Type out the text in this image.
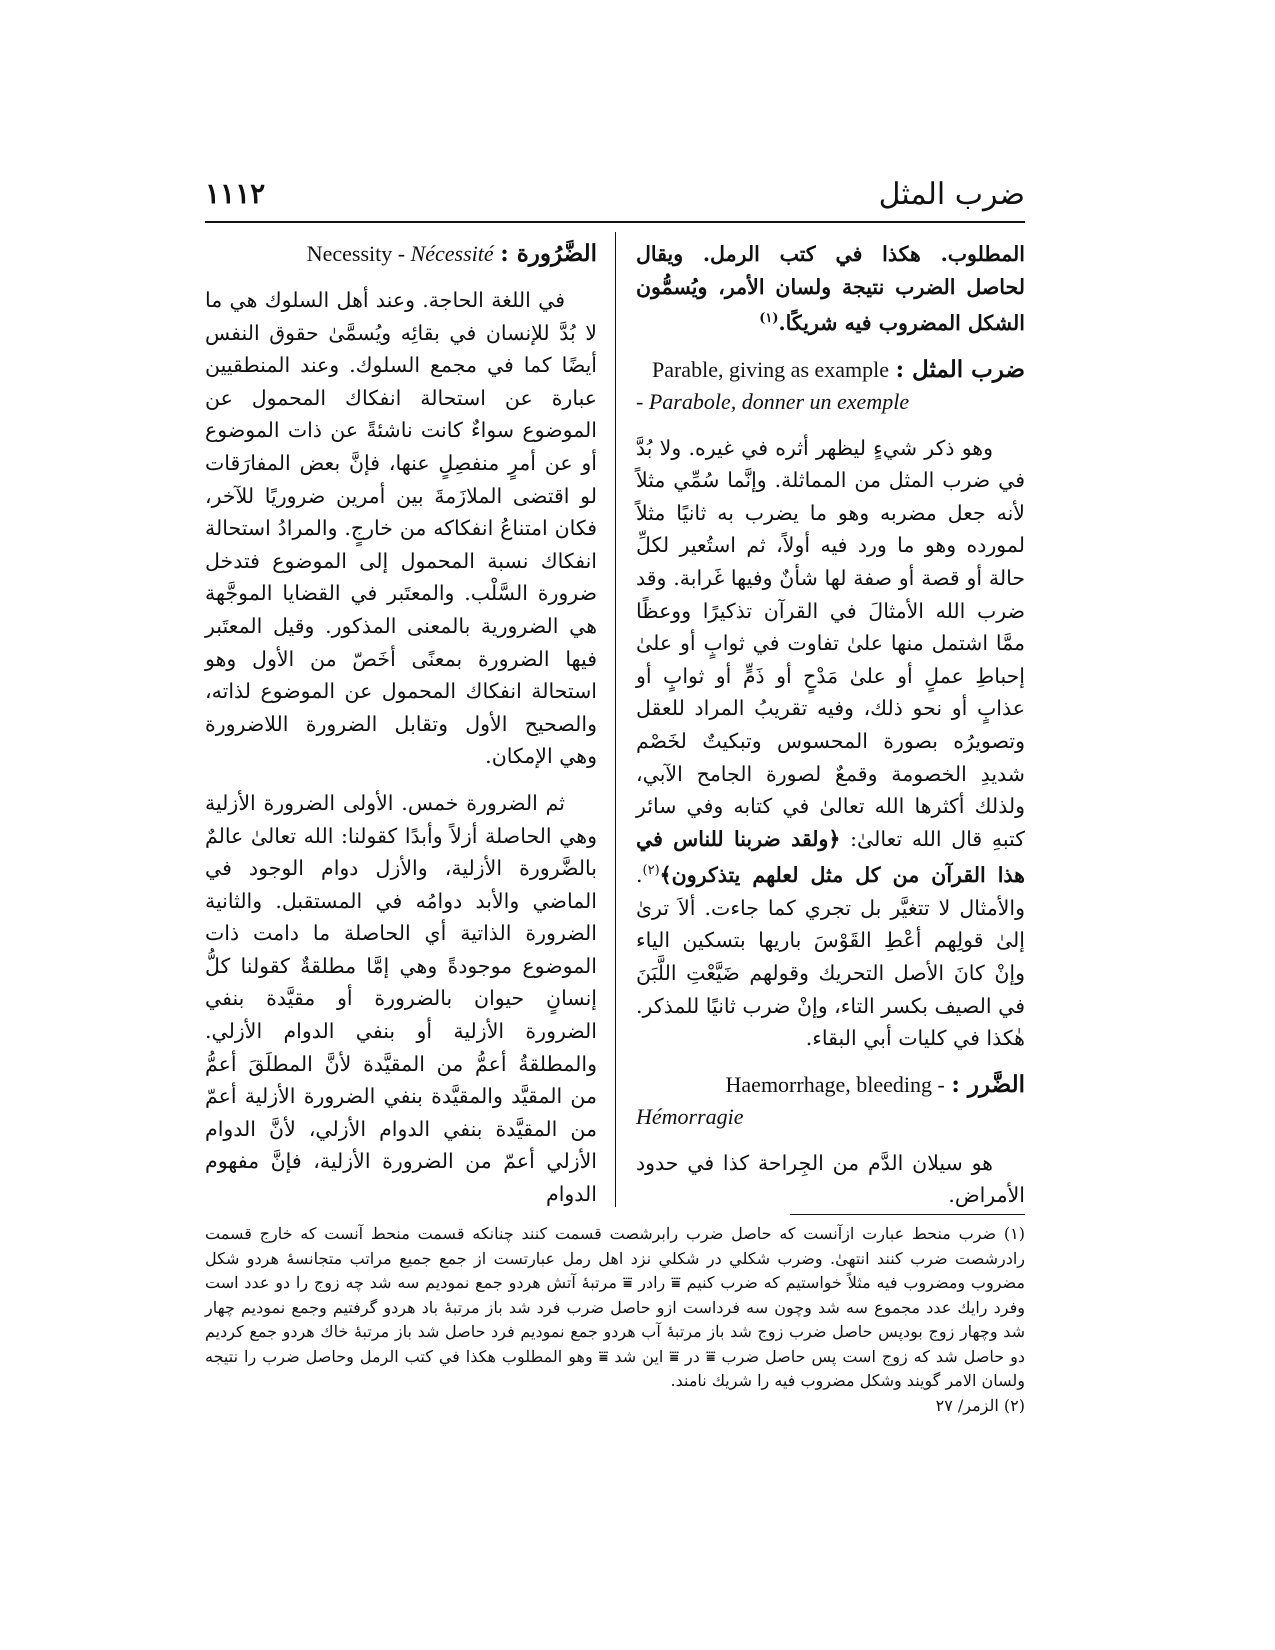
ضرب المثل
١١١٢

المطلوب. هكذا في كتب الرمل. ويقال لحاصل الضرب نتيجة ولسان الأمر، ويُسمُّون الشكل المضروب فيه شريكًا.$^{(١)}$

ضرب المثل : Parable, giving as example
- Parabole, donner un exemple

وهو ذكر شيءٍ ليظهر أثره في غيره. ولا بُدَّ في ضرب المثل من المماثلة. وإنَّما سُمِّي مثلاً لأنه جعل مضربه وهو ما يضرب به ثانيًا مثلاً لمورده وهو ما ورد فيه أولاً، ثم استُعير لكلِّ حالة أو قصة أو صفة لها شأنٌ وفيها غَرابة. وقد ضرب الله الأمثالَ في القرآن تذكيرًا ووعظًا ممَّا اشتمل منها علىٰ تفاوت في ثوابٍ أو علىٰ إحباطِ عملٍ أو علىٰ مَدْحٍ أو ذَمٍّ أو ثوابٍ أو عذابٍ أو نحو ذلك، وفيه تقريبُ المراد للعقل وتصويرُه بصورة المحسوس وتبكيتٌ لخَصْم شديدِ الخصومة وقمعٌ لصورة الجامح الآبي، ولذلك أكثرها الله تعالىٰ في كتابه وفي سائر كتبهِ قال الله تعالىٰ: ﴿ولقد ضربنا للناس في هذا القرآن من كل مثل لعلهم يتذكرون﴾$^{(٢)}$. والأمثال لا تتغيَّر بل تجري كما جاءت. ألاَ ترىٰ إلىٰ قولِهم أعْطِ القَوْسَ باريها بتسكين الياء وإنْ كانَ الأصل التحريك وقولهم ضَيَّعْتِ اللَّبَنَ في الصيف بكسر التاء، وإنْ ضرب ثانيًا للمذكر. هٰكذا في كليات أبي البقاء.

الضَّرر : Haemorrhage, bleeding -
Hémorragie

هو سيلان الدَّم من الجِراحة كذا في حدود الأمراض.

الضَّرُورة : Necessity - Nécessité

في اللغة الحاجة. وعند أهل السلوك هي ما لا بُدَّ للإنسان في بقائِه ويُسمَّىٰ حقوق النفس أيضًا كما في مجمع السلوك. وعند المنطقيين عبارة عن استحالة انفكاك المحمول عن الموضوع سواءٌ كانت ناشئةً عن ذات الموضوع أو عن أمرٍ منفصِلٍ عنها، فإنَّ بعض المفارَقات لو اقتضى الملازَمةَ بين أمرين ضروريًا للآخر، فكان امتناعُ انفكاكه من خارجٍ. والمرادُ استحالة انفكاك نسبة المحمول إلى الموضوع فتدخل ضرورة السَّلْب. والمعتَبر في القضايا الموجَّهة هي الضرورية بالمعنى المذكور. وقيل المعتَبر فيها الضرورة بمعنًى أخَصّ من الأول وهو استحالة انفكاك المحمول عن الموضوع لذاته، والصحيح الأول وتقابل الضرورة اللاضرورة وهي الإمكان.

ثم الضرورة خمس. الأولى الضرورة الأزلية وهي الحاصلة أزلاً وأبدًا كقولنا: الله تعالىٰ عالمٌ بالضَّرورة الأزلية، والأزل دوام الوجود في الماضي والأبد دوامُه في المستقبل. والثانية الضرورة الذاتية أي الحاصلة ما دامت ذات الموضوع موجودةً وهي إمَّا مطلقةٌ كقولنا كلُّ إنسانٍ حيوان بالضرورة أو مقيَّدة بنفي الضرورة الأزلية أو بنفي الدوام الأزلي. والمطلقةُ أعمُّ من المقيَّدة لأنَّ المطلَقَ أعمُّ من المقيَّد والمقيَّدة بنفي الضرورة الأزلية أعمّ من المقيَّدة بنفي الدوام الأزلي، لأنَّ الدوام الأزلي أعمّ من الضرورة الأزلية، فإنَّ مفهوم الدوام

(١) ضرب منحط عبارت ازآنست كه حاصل ضرب رابرشصت قسمت كنند چنانكه قسمت منحط آنست كه خارج قسمت رادرشصت ضرب كنند انتهىٰ. وضرب شكلي در شكلي نزد اهل رمل عبارتست از جمع جميع مراتب متجانسهٔ هردو شكل مضروب ومضروب فيه مثلاً خواستيم كه ضرب كنيم ⩸ رادر ⩸ مرتبهٔ آتش هردو جمع نموديم سه شد چه زوج را دو عدد است وفرد رايك عدد مجموع سه شد وچون سه فرداست ازو حاصل ضرب فرد شد باز مرتبهٔ باد هردو گرفتيم وجمع نموديم چهار شد وچهار زوج بودپس حاصل ضرب زوج شد باز مرتبهٔ آب هردو جمع نموديم فرد حاصل شد باز مرتبهٔ خاك هردو جمع كرديم دو حاصل شد كه زوج است پس حاصل ضرب ⩸ در ⩸ اين شد ⩸ وهو المطلوب هكذا في كتب الرمل وحاصل ضرب را نتيجه ولسان الامر گويند وشكل مضروب فيه را شريك نامند.

(٢) الزمر/ ٢٧
